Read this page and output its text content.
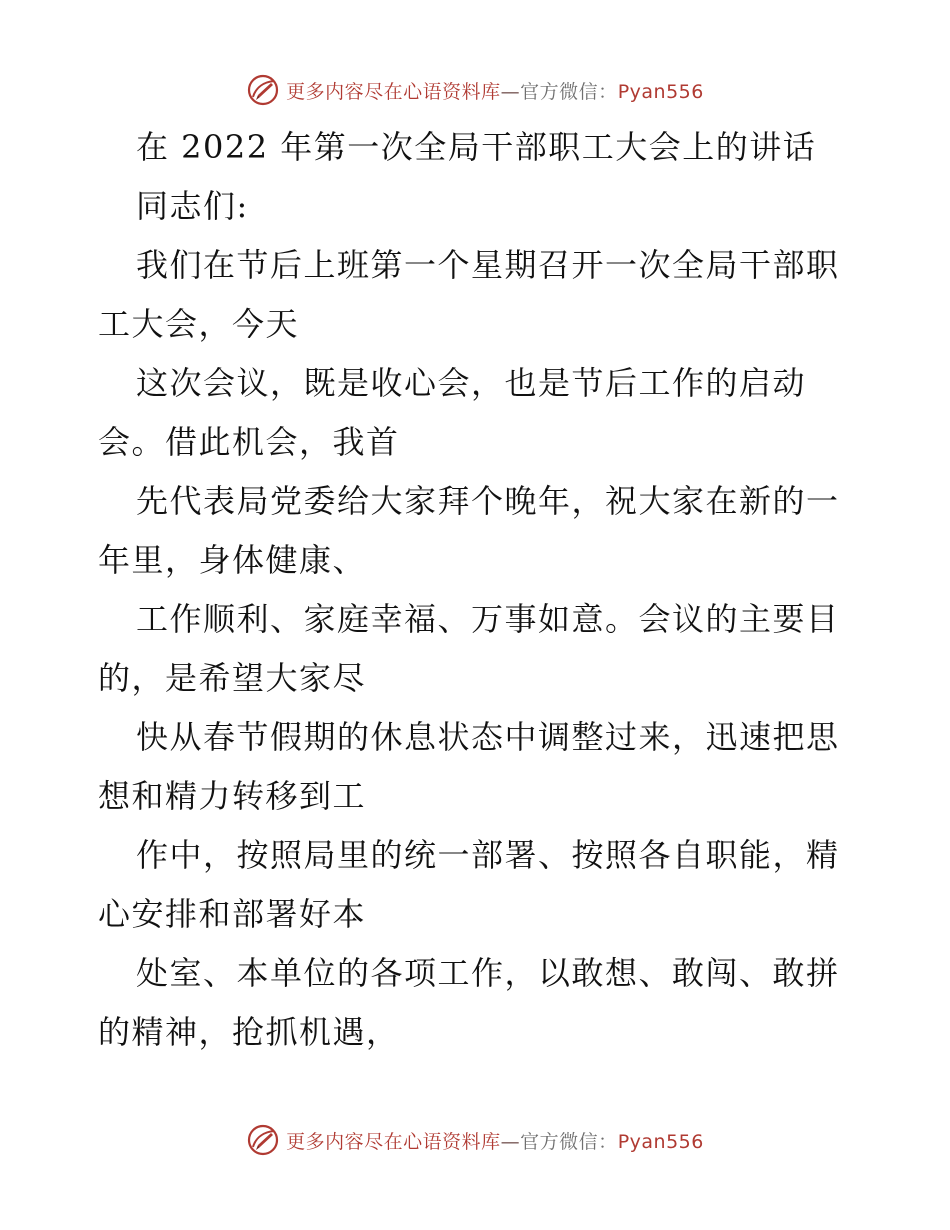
更多内容尽在心语资料库—官方微信：Pyan556
在 2022 年第一次全局干部职工大会上的讲话
同志们:
我们在节后上班第一个星期召开一次全局干部职
工大会，今天
这次会议，既是收心会，也是节后工作的启动
会。借此机会，我首
先代表局党委给大家拜个晚年，祝大家在新的一
年里，身体健康、
工作顺利、家庭幸福、万事如意。会议的主要目
的，是希望大家尽
快从春节假期的休息状态中调整过来，迅速把思
想和精力转移到工
作中，按照局里的统一部署、按照各自职能，精
心安排和部署好本
处室、本单位的各项工作，以敢想、敢闯、敢拼
的精神，抢抓机遇，
更多内容尽在心语资料库—官方微信：Pyan556
